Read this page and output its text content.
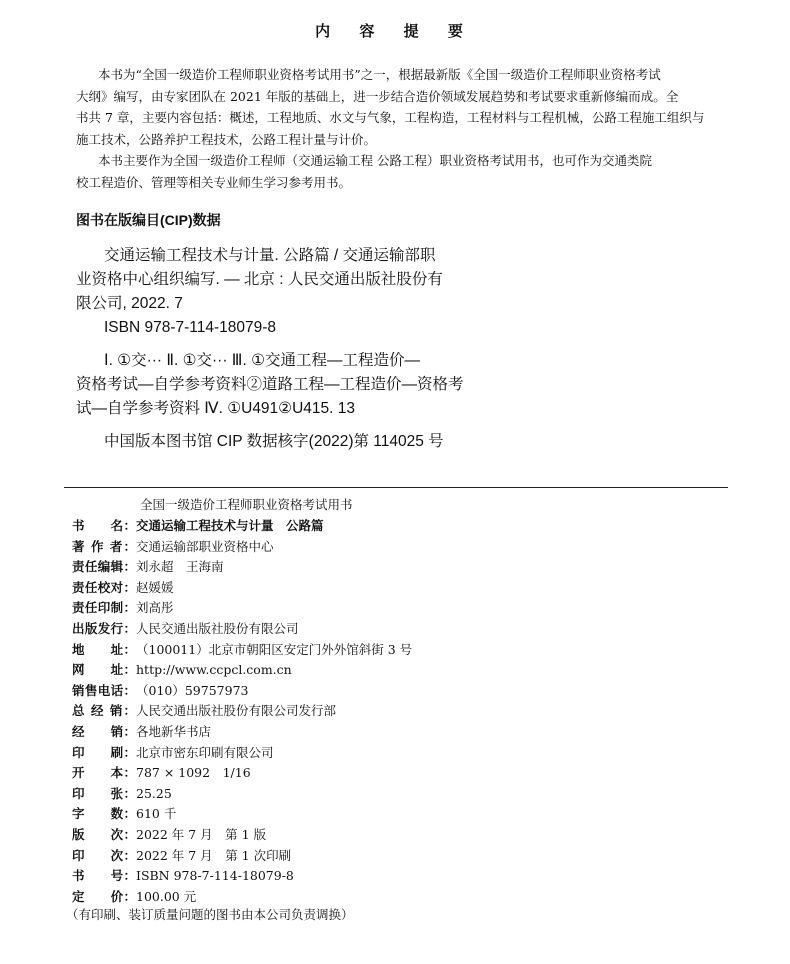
内 容 提 要

本书为“全国一级造价工程师职业资格考试用书”之一，根据最新版《全国一级造价工程师职业资格考试

大纲》编写，由专家团队在 2021 年版的基础上，进一步结合造价领域发展趋势和考试要求重新修编而成。全

书共 7 章，主要内容包括：概述，工程地质、水文与气象，工程构造，工程材料与工程机械，公路工程施工组织与

施工技术，公路养护工程技术，公路工程计量与计价。

本书主要作为全国一级造价工程师（交通运输工程 公路工程）职业资格考试用书，也可作为交通类院

校工程造价、管理等相关专业师生学习参考用书。

图书在版编目(CIP)数据
交通运输工程技术与计量. 公路篇 / 交通运输部职
业资格中心组织编写. — 北京 : 人民交通出版社股份有
限公司, 2022. 7
ISBN 978-7-114-18079-8
Ⅰ. ①交··· Ⅱ. ①交··· Ⅲ. ①交通工程—工程造价—
资格考试—自学参考资料②道路工程—工程造价—资格考
试—自学参考资料 Ⅳ. ①U491②U415. 13
中国版本图书馆 CIP 数据核字(2022)第 114025 号
全国一级造价工程师职业资格考试用书
书　　名：交通运输工程技术与计量　公路篇
著 作 者：交通运输部职业资格中心
责任编辑：刘永超　王海南
责任校对：赵媛媛
责任印制：刘高彤
出版发行：人民交通出版社股份有限公司
地　　址：（100011）北京市朝阳区安定门外外馆斜街 3 号
网　　址：http://www.ccpcl.com.cn
销售电话：（010）59757973
总 经 销：人民交通出版社股份有限公司发行部
经　　销：各地新华书店
印　　刷：北京市密东印刷有限公司
开　　本：787 × 1092　1/16
印　　张：25.25
字　　数：610 千
版　　次：2022 年 7 月　第 1 版
印　　次：2022 年 7 月　第 1 次印刷
书　　号：ISBN 978-7-114-18079-8
定　　价：100.00 元
（有印刷、装订质量问题的图书由本公司负责调换）
